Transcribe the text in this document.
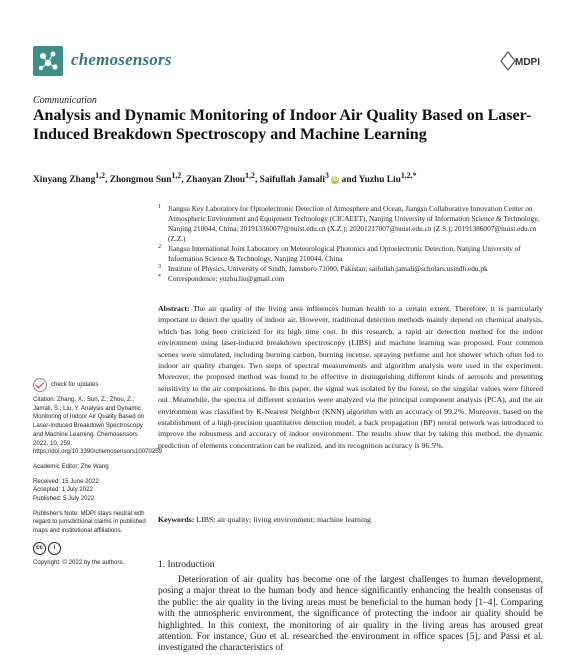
chemosensors	MDPI
Communication
Analysis and Dynamic Monitoring of Indoor Air Quality Based on Laser-Induced Breakdown Spectroscopy and Machine Learning
Xinyang Zhang$^{1,2}$, Zhongmou Sun$^{1,2}$, Zhaoyan Zhou$^{1,2}$, Saifullah Jamali$^3$ iD and Yuzhu Liu$^{1,2,*}$
1 Jiangsu Key Laboratory for Optoelectronic Detection of Atmosphere and Ocean, Jiangsu Collaborative Innovation Center on Atmospheric Environment and Equipment Technology (CICAEET), Nanjing University of Information Science & Technology, Nanjing 210044, China; 20191336007?@nuist.edu.cn (X.Z.); 20201217007@nuist.edu.cn (Z.S.); 20191386007@nuist.edu.cn (Z.Z.)
2 Jiangsu International Joint Laboratory on Meteorological Photonics and Optoelectronic Detection, Nanjing University of Information Science & Technology, Nanjing 210044, China
3 Institute of Physics, University of Sindh, Jamshoro 71000, Pakistan; saifullah.jamali@scholars.usindh.edu.pk
* Correspondence: yuzhu.liu@gmail.com
Abstract: The air quality of the living area influences human health to a certain extent. Therefore, it is particularly important to detect the quality of indoor air. However, traditional detection methods mainly depend on chemical analysis, which has long been criticized for its high time cost. In this research, a rapid air detection method for the indoor environment using laser-induced breakdown spectroscopy (LIBS) and machine learning was proposed. Four common scenes were simulated, including burning carbon, burning incense, spraying perfume and hot shower which often led to indoor air quality changes. Two steps of spectral measurements and algorithm analysis were used in the experiment. Moreover, the proposed method was found to be effective in distinguishing different kinds of aerosols and presenting sensitivity to the air compositions. In this paper, the signal was isolated by the forest, so the singular values were filtered out. Meanwhile, the spectra of different scenarios were analyzed via the principal component analysis (PCA), and the air environment was classified by K-Nearest Neighbor (KNN) algorithm with an accuracy of 99.2%. Moreover, based on the establishment of a high-precision quantitative detection model, a back propagation (BP) neural network was introduced to improve the robustness and accuracy of indoor environment. The results show that by taking this method, the dynamic prediction of elements concentration can be realized, and its recognition accuracy is 96.5%.
Keywords: LIBS; air quality; living environment; machine learning
check for updates
Citation: Zhang, X.; Sun, Z.; Zhou, Z.; Jamali, S.; Liu, Y. Analysis and Dynamic Monitoring of Indoor Air Quality Based on Laser-Induced Breakdown Spectroscopy and Machine Learning. Chemosensors 2022, 10, 259. https://doi.org/10.3390/chemosensors10070259
Academic Editor: Zhe Wang
Received: 15 June 2022
Accepted: 1 July 2022
Published: 5 July 2022
Publisher's Note: MDPI stays neutral with regard to jurisdictional claims in published maps and institutional affiliations.
cc	i
Copyright: © 2022 by the authors.	1. Introduction

Deterioration of air quality has become one of the largest challenges to human development, posing a major threat to the human body and hence significantly enhancing the health consensus of the public: the air quality in the living areas must be beneficial to the human body [1–4]. Comparing with the atmospheric environment, the significance of protecting the indoor air quality should be highlighted. In this context, the monitoring of air quality in the living areas has aroused great attention. For instance, Guo et al. researched the environment in office spaces [5], and Passi et al. investigated the characteristics of
